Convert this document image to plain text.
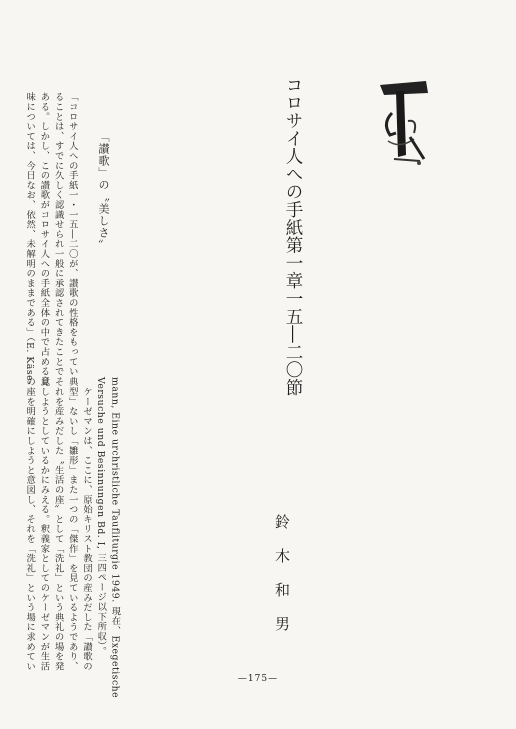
コロサイ人への手紙第一章一五―二〇節
「讃歌」の〝美しさ〟
「コロサイ人への手紙一・一五―二〇が、讃歌の性格をもってい
ることは、すでに久しく認識せられ一般に承認されてきたことで
ある。しかし、この讃歌がコロサイ人への手紙全体の中で占める意
味については、今日なお、依然、未解明のままである」（E. Käse-
mann, Eine urchristliche Taufliturgie 1949. 現在、Exegetische
Versuche und Besinnungen Bd. I, 三四ページ以下所収）。
　ケーゼマンは、ここに、原始キリスト教団の産みだした「讃歌の
典型」ないし「雛形」また一つの「傑作」を見ているようであり、
それを産みだした〝生活の座〟として「洗礼」という典礼の場を発
見しようとしているかにみえる。釈義家としてのケーゼマンが生活
の座を明確にしようと意図し、それを「洗礼」という場に求めてい	鈴木和男
—175—
